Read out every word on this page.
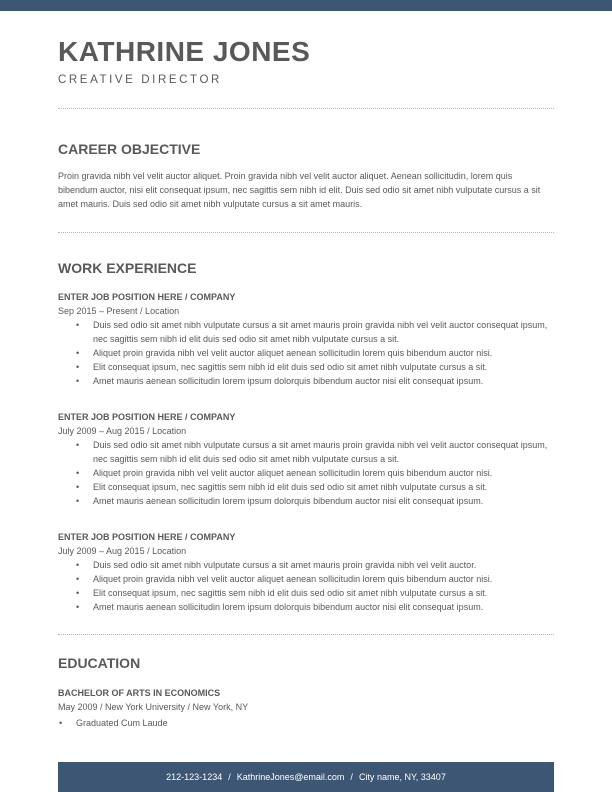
KATHRINE JONES
CREATIVE DIRECTOR
CAREER OBJECTIVE
Proin gravida nibh vel velit auctor aliquet. Proin gravida nibh vel velit auctor aliquet. Aenean sollicitudin, lorem quis bibendum auctor, nisi elit consequat ipsum, nec sagittis sem nibh id elit. Duis sed odio sit amet nibh vulputate cursus a sit amet mauris. Duis sed odio sit amet nibh vulputate cursus a sit amet mauris.
WORK EXPERIENCE
ENTER JOB POSITION HERE / COMPANY
Sep 2015 – Present / Location
• Duis sed odio sit amet nibh vulputate cursus a sit amet mauris proin gravida nibh vel velit auctor consequat ipsum, nec sagittis sem nibh id elit duis sed odio sit amet nibh vulputate cursus a sit.
• Aliquet proin gravida nibh vel velit auctor aliquet aenean sollicitudin lorem quis bibendum auctor nisi.
• Elit consequat ipsum, nec sagittis sem nibh id elit duis sed odio sit amet nibh vulputate cursus a sit.
• Amet mauris aenean sollicitudin lorem ipsum dolorquis bibendum auctor nisi elit consequat ipsum.
ENTER JOB POSITION HERE / COMPANY
July 2009 – Aug 2015 / Location
• Duis sed odio sit amet nibh vulputate cursus a sit amet mauris proin gravida nibh vel velit auctor consequat ipsum, nec sagittis sem nibh id elit duis sed odio sit amet nibh vulputate cursus a sit.
• Aliquet proin gravida nibh vel velit auctor aliquet aenean sollicitudin lorem quis bibendum auctor nisi.
• Elit consequat ipsum, nec sagittis sem nibh id elit duis sed odio sit amet nibh vulputate cursus a sit.
• Amet mauris aenean sollicitudin lorem ipsum dolorquis bibendum auctor nisi elit consequat ipsum.
ENTER JOB POSITION HERE / COMPANY
July 2009 – Aug 2015 / Location
• Duis sed odio sit amet nibh vulputate cursus a sit amet mauris proin gravida nibh vel velit auctor.
• Aliquet proin gravida nibh vel velit auctor aliquet aenean sollicitudin lorem quis bibendum auctor nisi.
• Elit consequat ipsum, nec sagittis sem nibh id elit duis sed odio sit amet nibh vulputate cursus a sit.
• Amet mauris aenean sollicitudin lorem ipsum dolorquis bibendum auctor nisi elit consequat ipsum.
EDUCATION
BACHELOR OF ARTS IN ECONOMICS
May 2009 / New York University / New York, NY
• Graduated Cum Laude
212-123-1234 / KathrineJones@email.com / City name, NY, 33407
